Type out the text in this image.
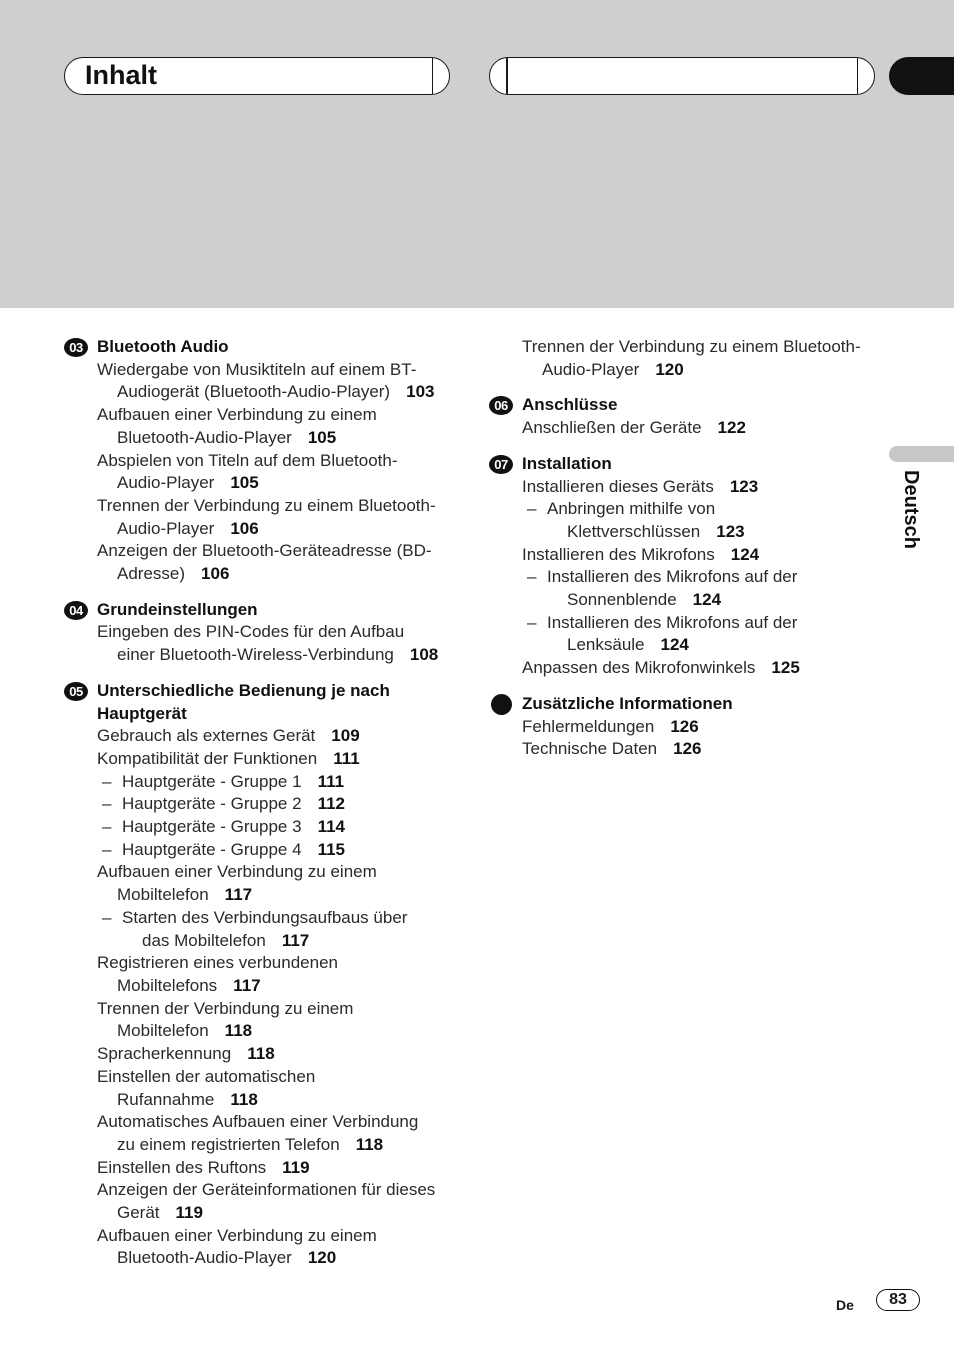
Inhalt
03 Bluetooth Audio
Wiedergabe von Musiktiteln auf einem BT-
Audiogerät (Bluetooth-Audio-Player) 103
Aufbauen einer Verbindung zu einem
Bluetooth-Audio-Player 105
Abspielen von Titeln auf dem Bluetooth-
Audio-Player 105
Trennen der Verbindung zu einem Bluetooth-
Audio-Player 106
Anzeigen der Bluetooth-Geräteadresse (BD-
Adresse) 106
04 Grundeinstellungen
Eingeben des PIN-Codes für den Aufbau
einer Bluetooth-Wireless-Verbindung 108
05 Unterschiedliche Bedienung je nach
Hauptgerät
Gebrauch als externes Gerät 109
Kompatibilität der Funktionen 111
– Hauptgeräte - Gruppe 1 111
– Hauptgeräte - Gruppe 2 112
– Hauptgeräte - Gruppe 3 114
– Hauptgeräte - Gruppe 4 115
Aufbauen einer Verbindung zu einem
Mobiltelefon 117
– Starten des Verbindungsaufbaus über
das Mobiltelefon 117
Registrieren eines verbundenen
Mobiltelefons 117
Trennen der Verbindung zu einem
Mobiltelefon 118
Spracherkennung 118
Einstellen der automatischen
Rufannahme 118
Automatisches Aufbauen einer Verbindung
zu einem registrierten Telefon 118
Einstellen des Ruftons 119
Anzeigen der Geräteinformationen für dieses
Gerät 119
Aufbauen einer Verbindung zu einem
Bluetooth-Audio-Player 120
Trennen der Verbindung zu einem Bluetooth-
Audio-Player 120
06 Anschlüsse
Anschließen der Geräte 122
07 Installation
Installieren dieses Geräts 123
– Anbringen mithilfe von
Klettverschlüssen 123
Installieren des Mikrofons 124
– Installieren des Mikrofons auf der
Sonnenblende 124
– Installieren des Mikrofons auf der
Lenksäule 124
Anpassen des Mikrofonwinkels 125
Zusätzliche Informationen
Fehlermeldungen 126
Technische Daten 126
Deutsch
De	83
